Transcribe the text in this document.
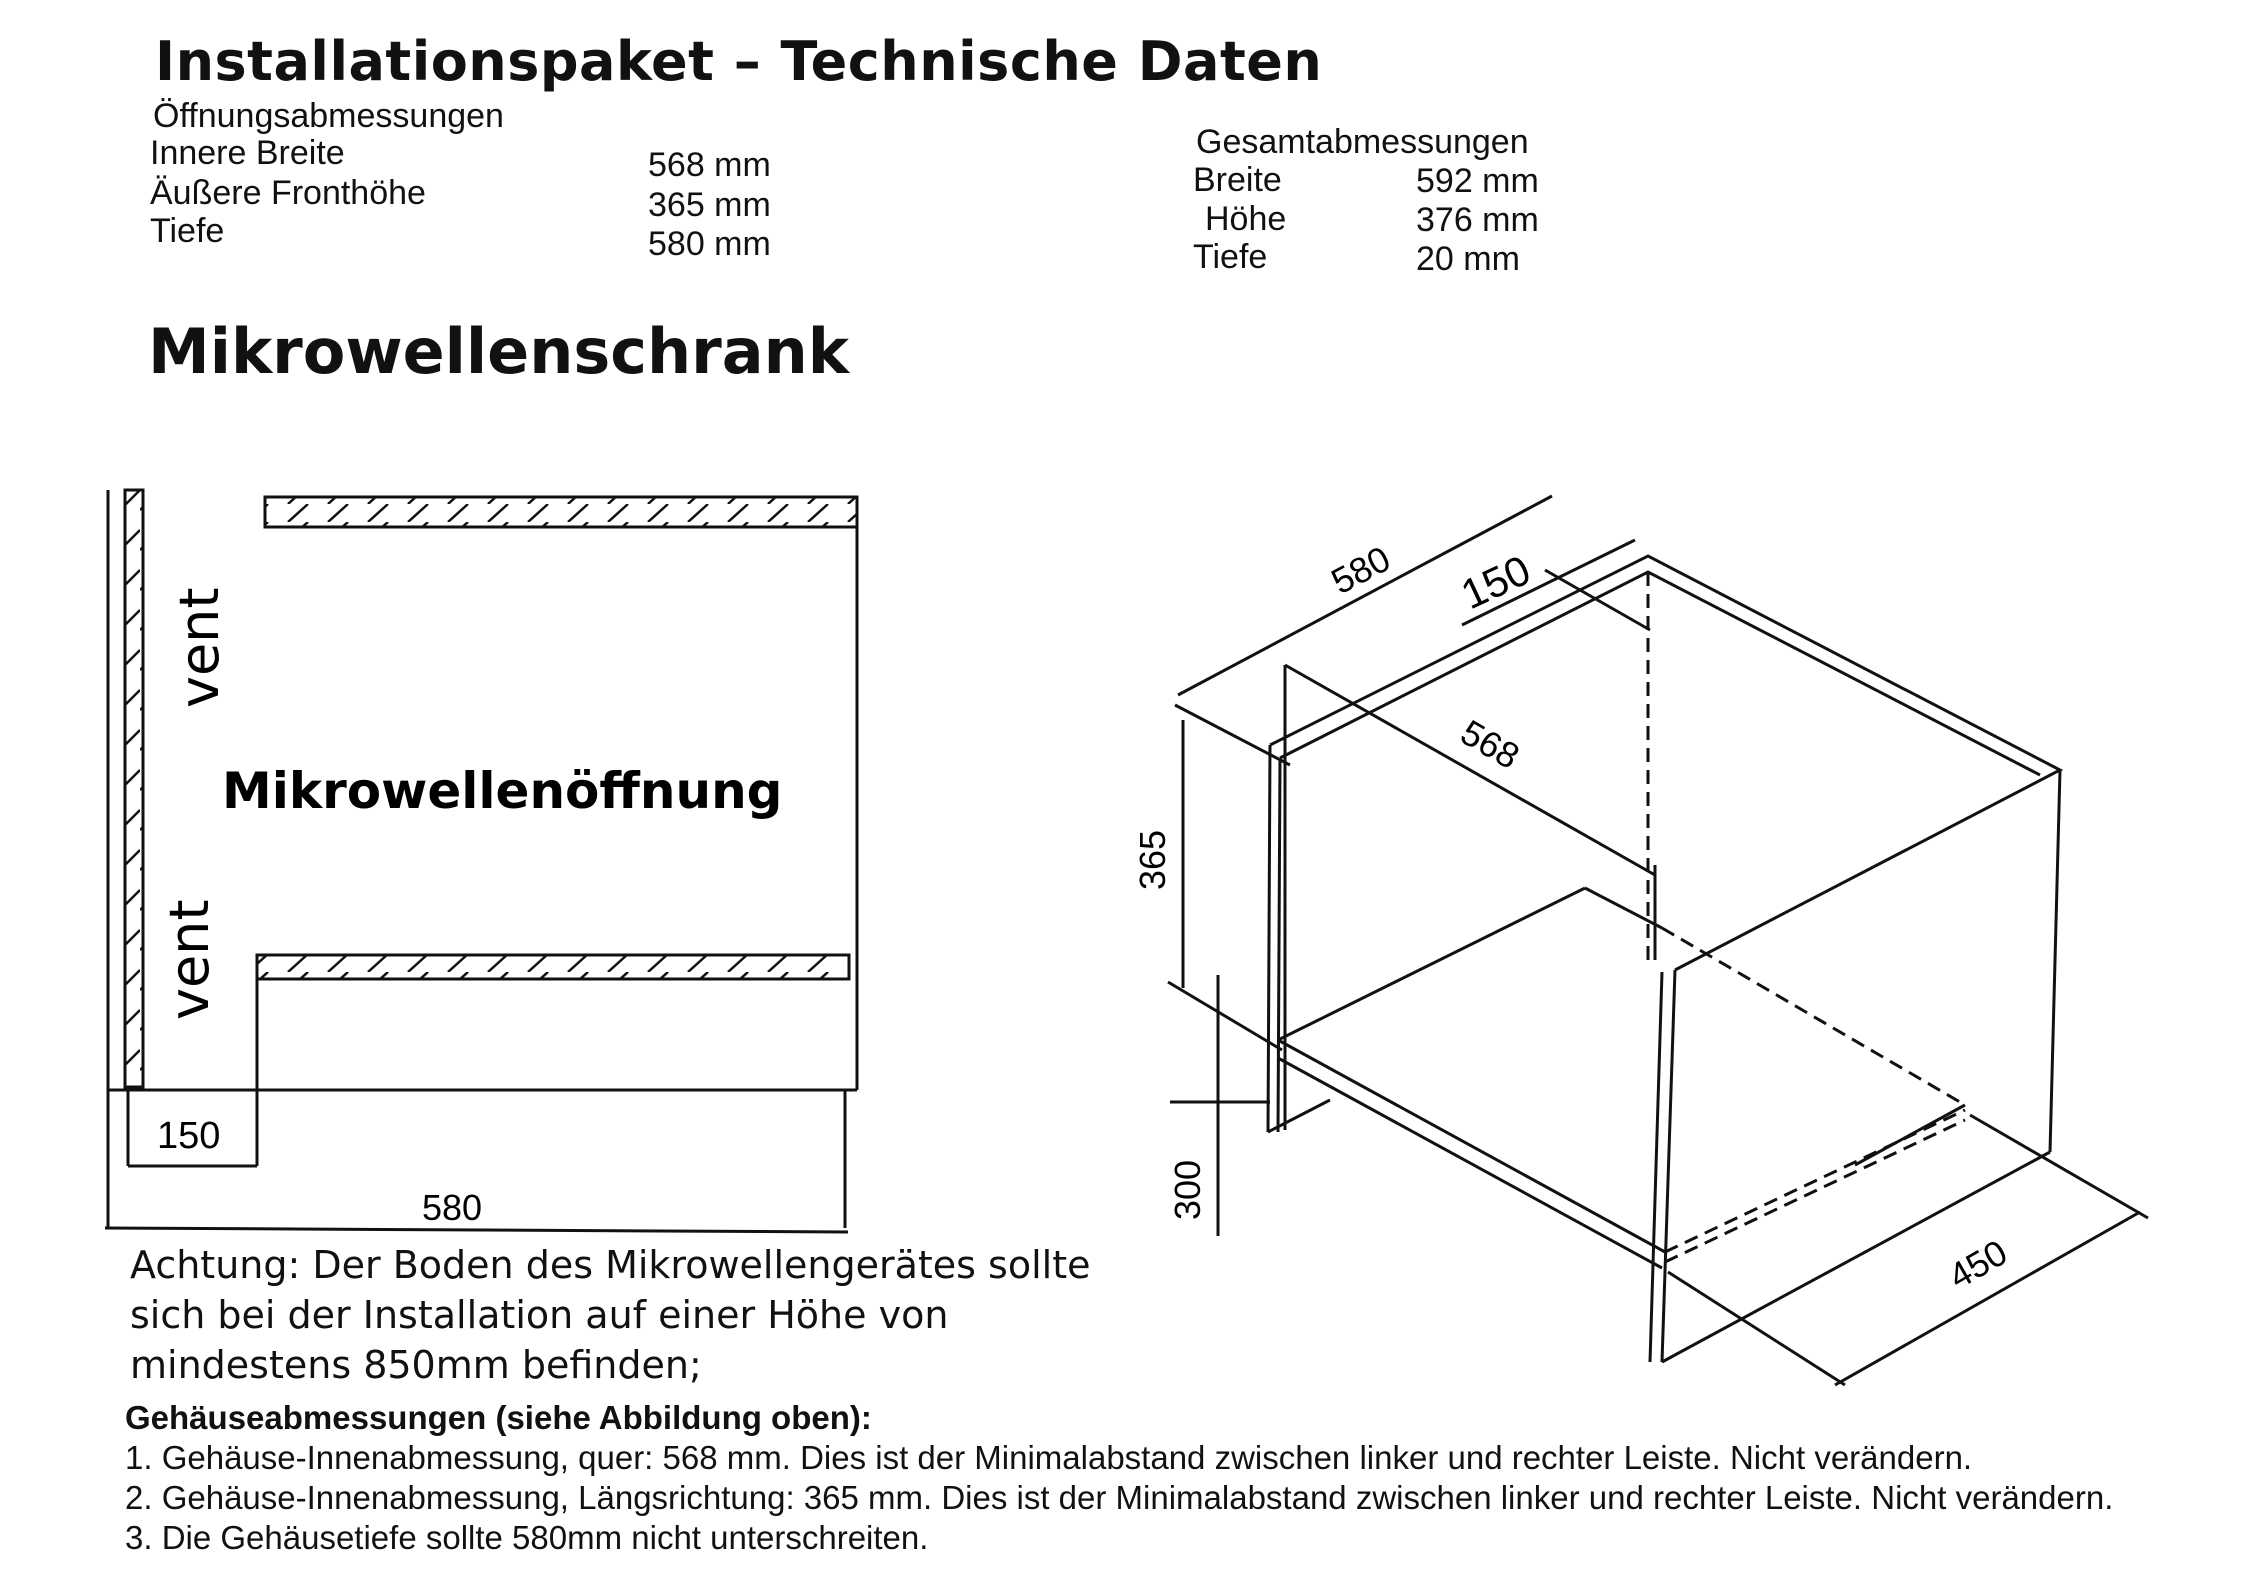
Installationspaket – Technische Daten
Öffnungsabmessungen
Innere Breite
Äußere Fronthöhe
Tiefe
568 mm
365 mm
580 mm
Gesamtabmessungen
Breite
Höhe
Tiefe
592 mm
376 mm
20 mm
Mikrowellenschrank
vent
vent
Mikrowellenöffnung
150
580
580 150
568
365
300
450
Achtung: Der Boden des Mikrowellengerätes sollte sich bei der Installation auf einer Höhe von mindestens 850mm befinden;
Gehäuseabmessungen (siehe Abbildung oben):
1. Gehäuse-Innenabmessung, quer: 568 mm. Dies ist der Minimalabstand zwischen linker und rechter Leiste. Nicht verändern.
2. Gehäuse-Innenabmessung, Längsrichtung: 365 mm. Dies ist der Minimalabstand zwischen linker und rechter Leiste. Nicht verändern.
3. Die Gehäusetiefe sollte 580mm nicht unterschreiten.
